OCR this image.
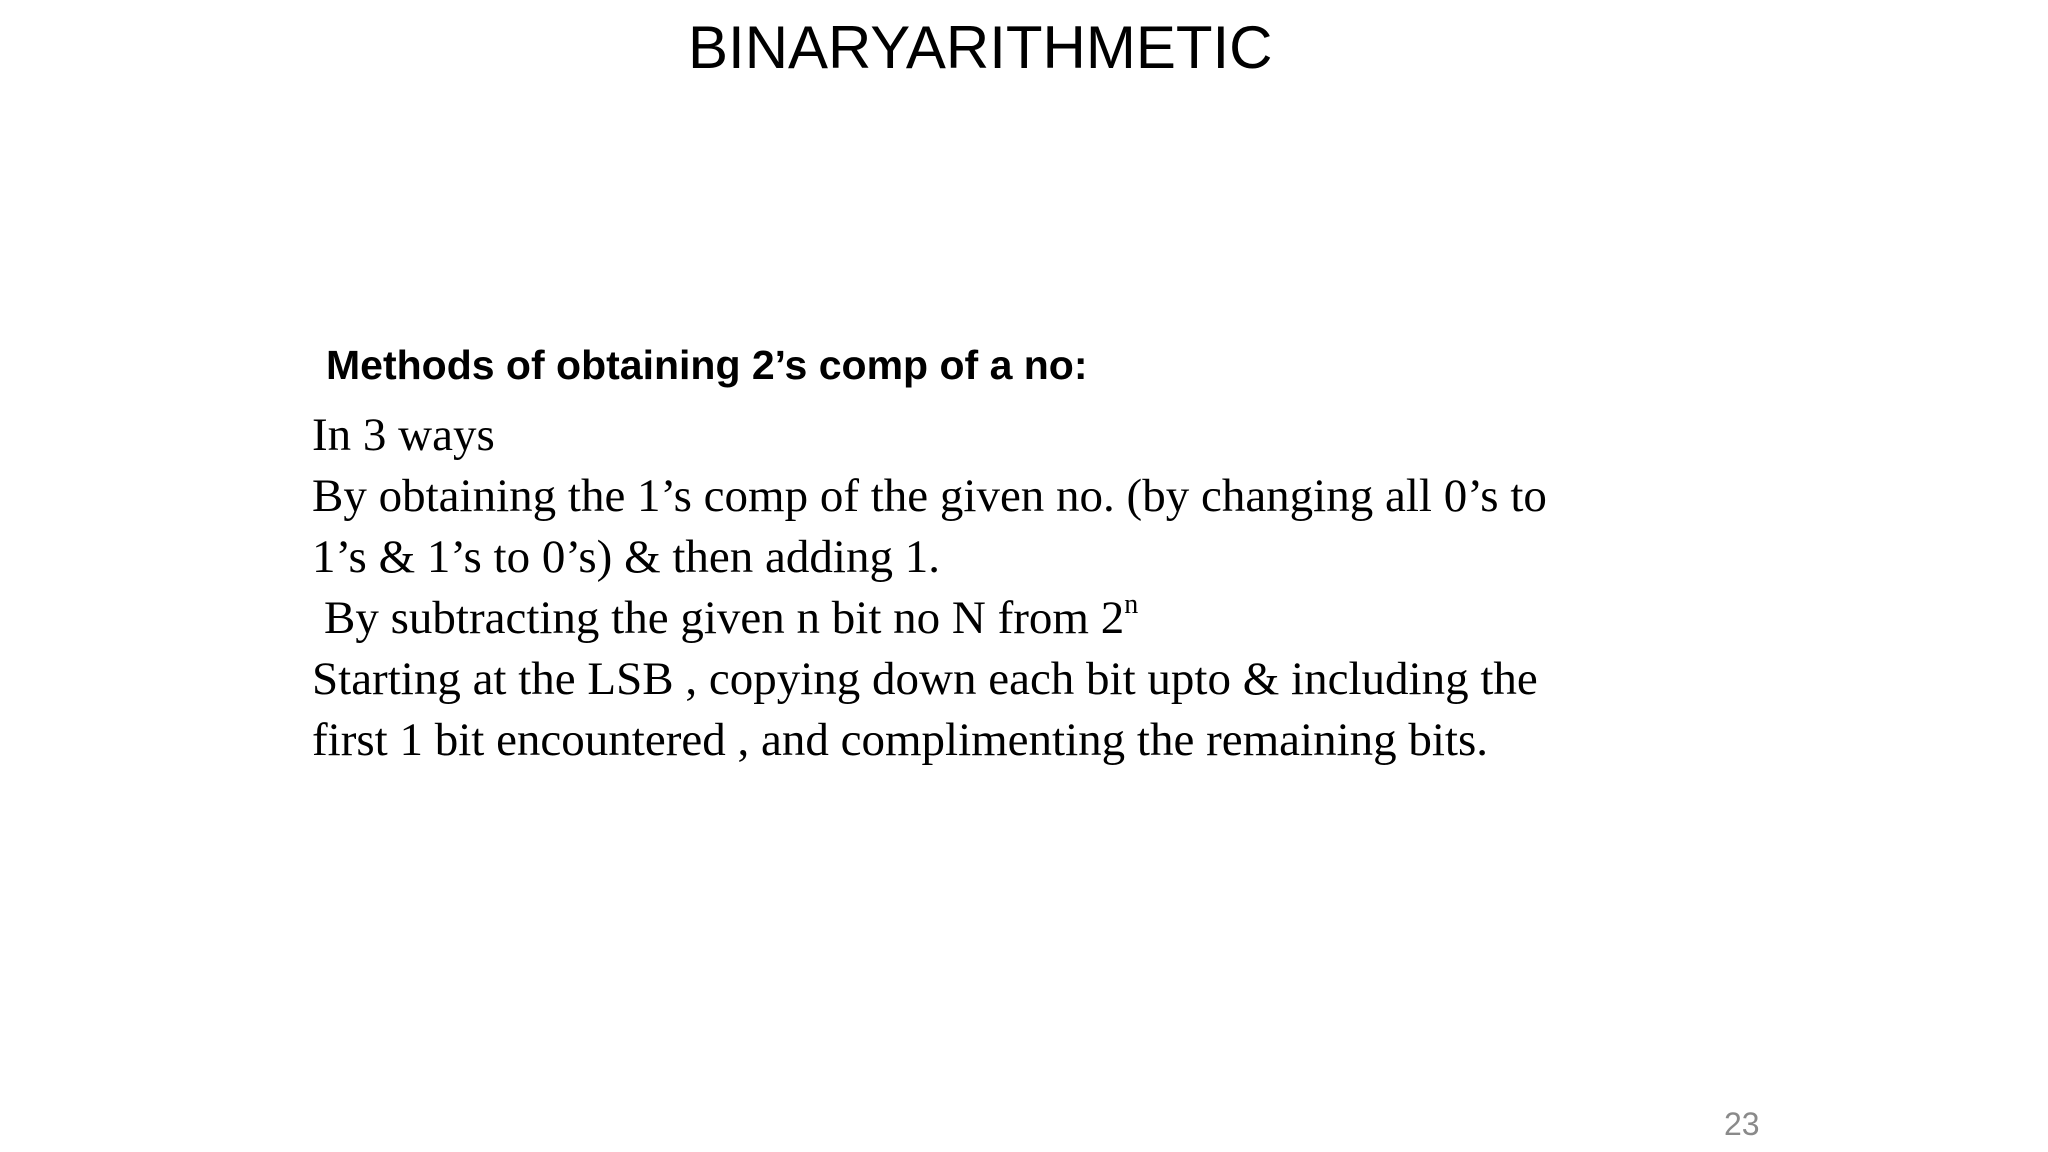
BINARYARITHMETIC
Methods of obtaining 2’s comp of a no:
In 3 ways
By obtaining the 1’s comp of the given no. (by changing all 0’s to
1’s & 1’s to 0’s) & then adding 1.
By subtracting the given n bit no N from 2$^n$
Starting at the LSB , copying down each bit upto & including the
first 1 bit encountered , and complimenting the remaining bits.
23
